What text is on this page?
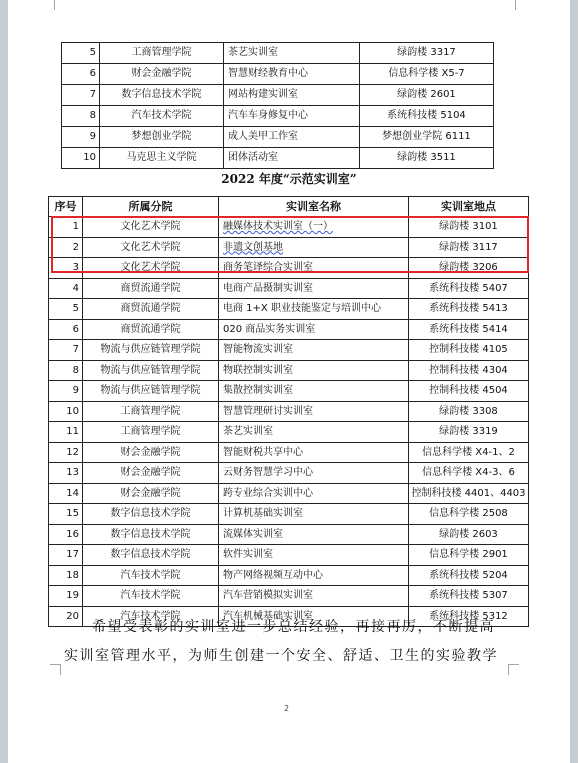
5	工商管理学院	茶艺实训室	绿韵楼 3317
6	财会金融学院	智慧财经教育中心	信息科学楼 X5-7
7	数字信息技术学院	网站构建实训室	绿韵楼 2601
8	汽车技术学院	汽车车身修复中心	系统科技楼 5104
9	梦想创业学院	成人美甲工作室	梦想创业学院 6111
10	马克思主义学院	团体活动室	绿韵楼 3511
2022 年度“示范实训室”
序号	所属分院	实训室名称	实训室地点
1	文化艺术学院	融媒体技术实训室（一）	绿韵楼 3101
2	文化艺术学院	非遗文创基地	绿韵楼 3117
3	文化艺术学院	商务笔译综合实训室	绿韵楼 3206
4	商贸流通学院	电商产品摄制实训室	系统科技楼 5407
5	商贸流通学院	电商 1+X 职业技能鉴定与培训中心	系统科技楼 5413
6	商贸流通学院	020 商品实务实训室	系统科技楼 5414
7	物流与供应链管理学院	智能物流实训室	控制科技楼 4105
8	物流与供应链管理学院	物联控制实训室	控制科技楼 4304
9	物流与供应链管理学院	集散控制实训室	控制科技楼 4504
10	工商管理学院	智慧管理研讨实训室	绿韵楼 3308
11	工商管理学院	茶艺实训室	绿韵楼 3319
12	财会金融学院	智能财税共享中心	信息科学楼 X4-1、2
13	财会金融学院	云财务智慧学习中心	信息科学楼 X4-3、6
14	财会金融学院	跨专业综合实训中心	控制科技楼 4401、4403
15	数字信息技术学院	计算机基础实训室	信息科学楼 2508
16	数字信息技术学院	流媒体实训室	绿韵楼 2603
17	数字信息技术学院	软件实训室	信息科学楼 2901
18	汽车技术学院	物产网络视频互动中心	系统科技楼 5204
19	汽车技术学院	汽车营销模拟实训室	系统科技楼 5307
20	汽车技术学院	汽车机械基础实训室	系统科技楼 5312
希望受表彰的实训室进一步总结经验，再接再厉，不断提高
实训室管理水平，为师生创建一个安全、舒适、卫生的实验教学
2
